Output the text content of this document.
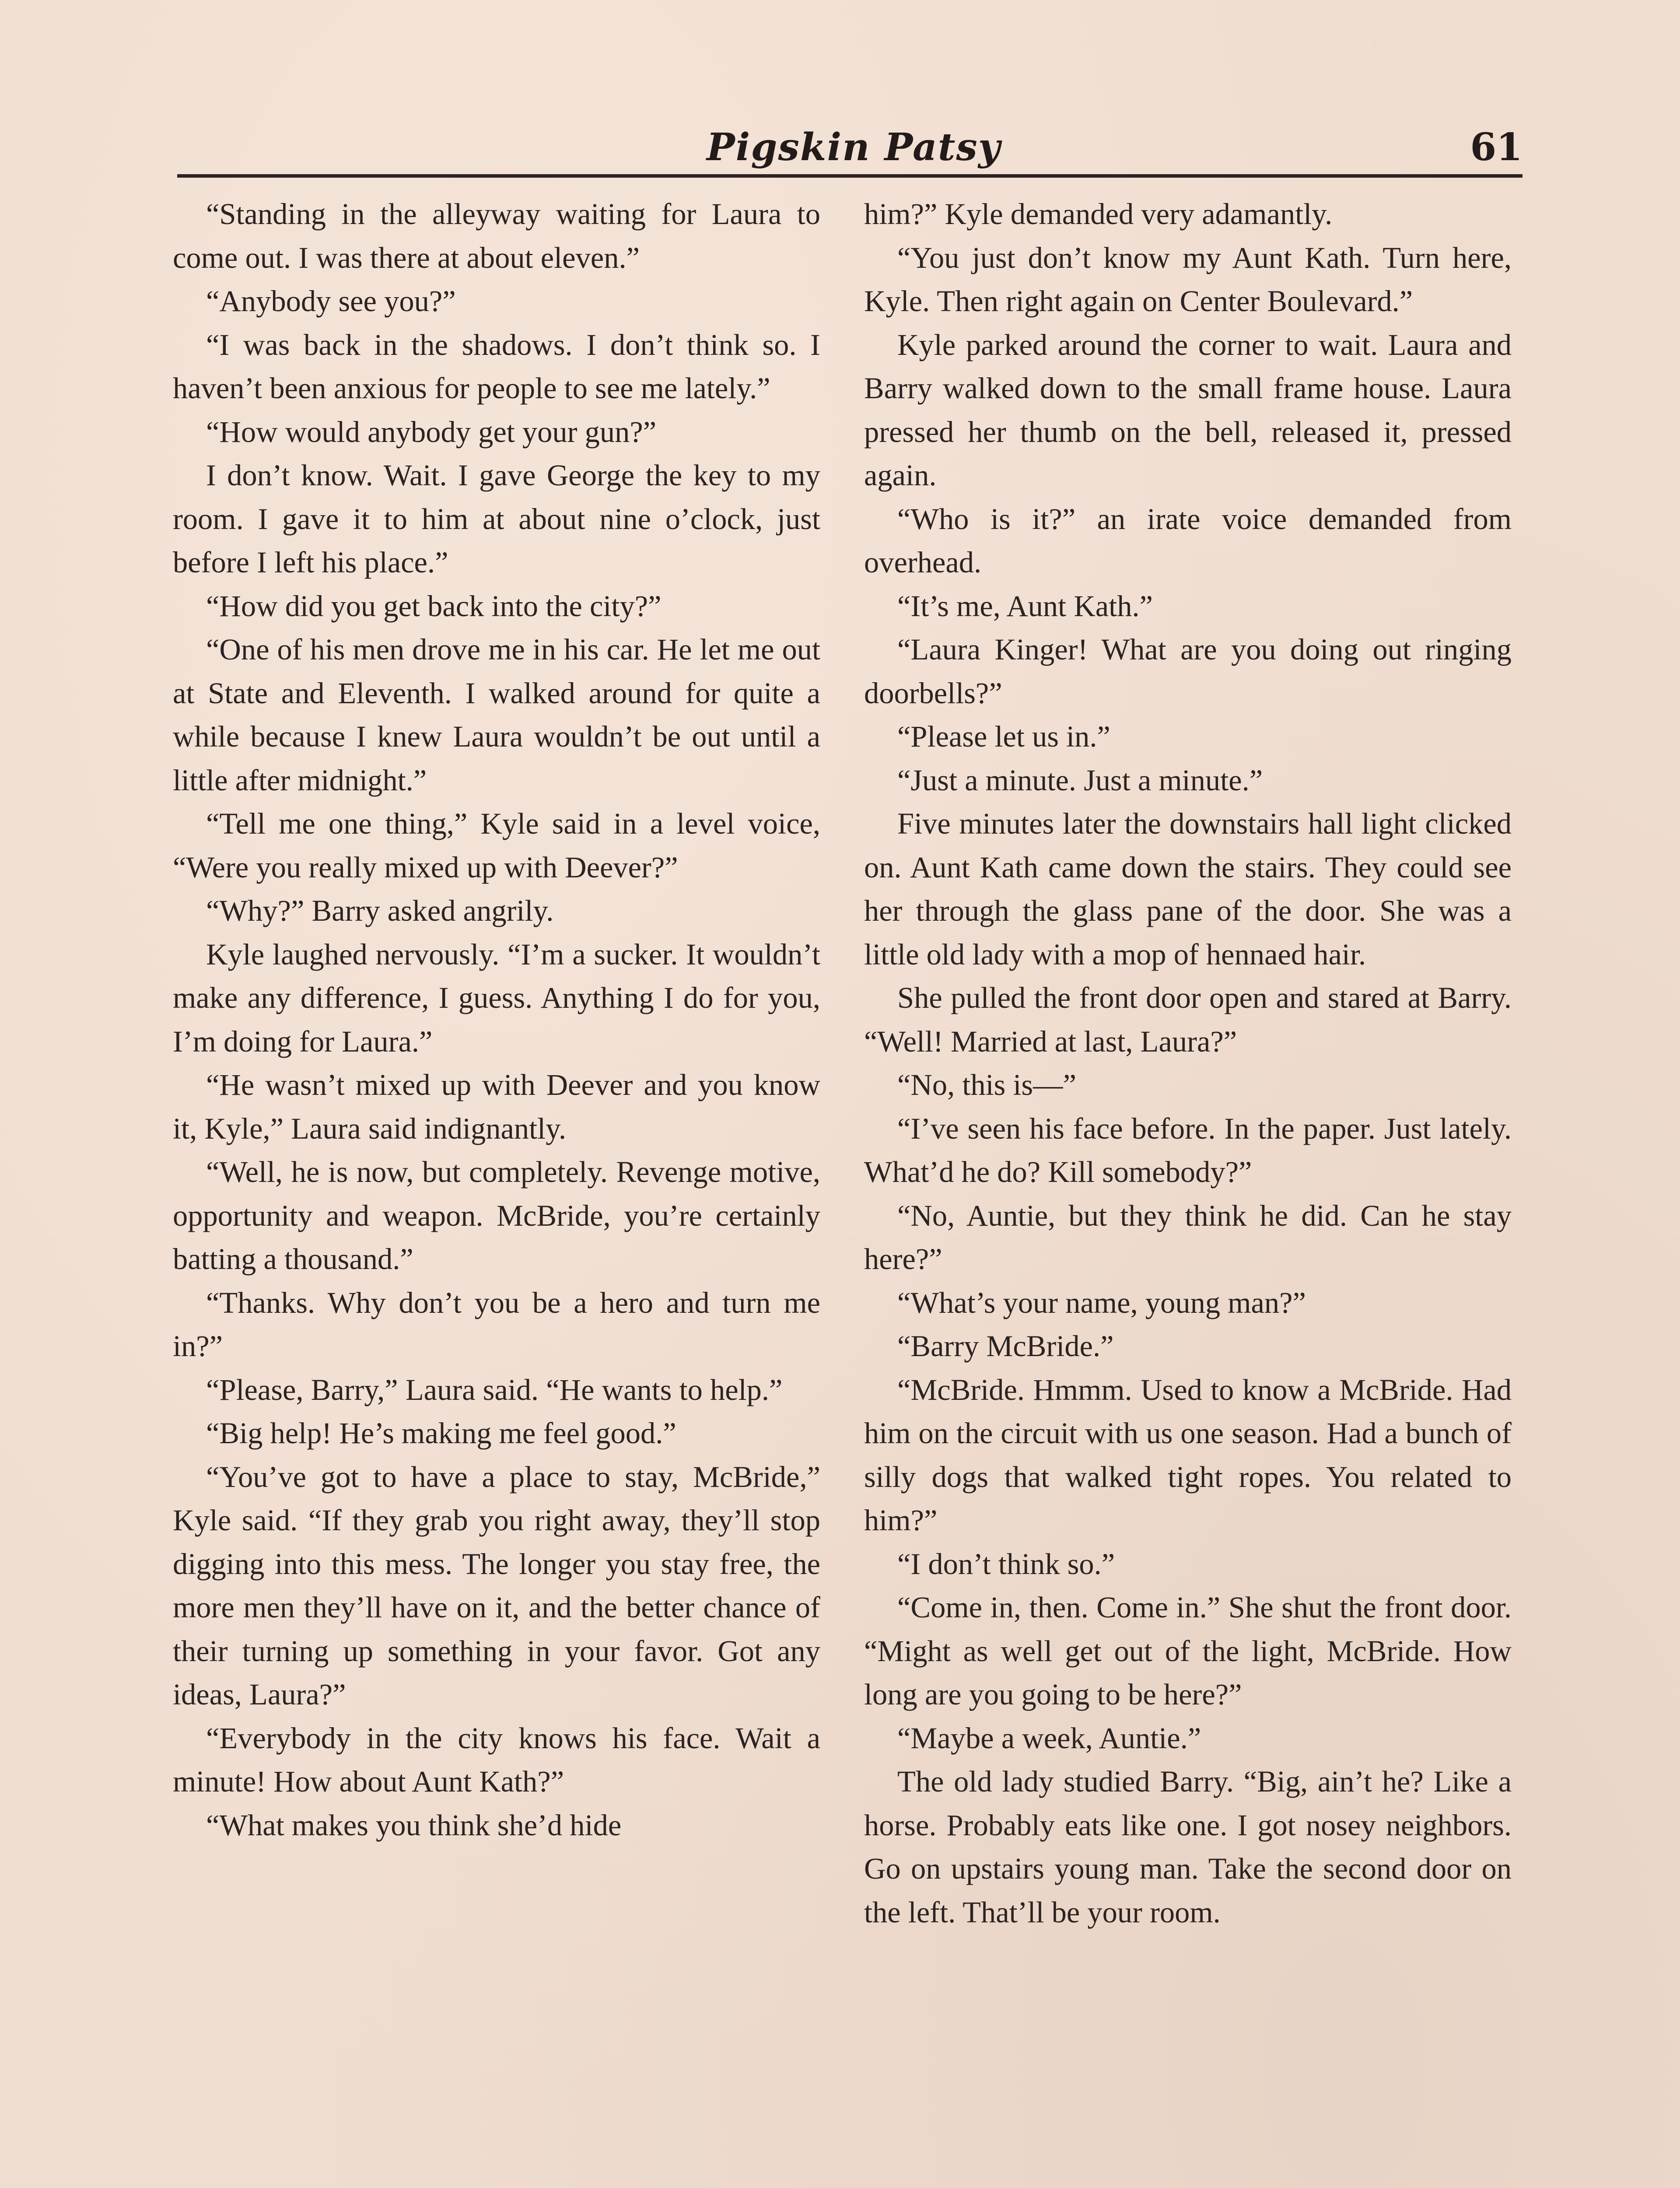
Pigskin Patsy	61

“Standing in the alleyway waiting for Laura to come out. I was there at about eleven.”

“Anybody see you?”

“I was back in the shadows. I don’t think so. I haven’t been anxious for people to see me lately.”

“How would anybody get your gun?”

I don’t know. Wait. I gave George the key to my room. I gave it to him at about nine o’clock, just before I left his place.”

“How did you get back into the city?”

“One of his men drove me in his car. He let me out at State and Eleventh. I walked around for quite a while because I knew Laura wouldn’t be out until a little after midnight.”

“Tell me one thing,” Kyle said in a level voice, “Were you really mixed up with Deever?”

“Why?” Barry asked angrily.

Kyle laughed nervously. “I’m a sucker. It wouldn’t make any difference, I guess. Anything I do for you, I’m doing for Laura.”

“He wasn’t mixed up with Deever and you know it, Kyle,” Laura said indignantly.

“Well, he is now, but completely. Revenge motive, opportunity and weapon. McBride, you’re certainly batting a thousand.”

“Thanks. Why don’t you be a hero and turn me in?”

“Please, Barry,” Laura said. “He wants to help.”

“Big help! He’s making me feel good.”

“You’ve got to have a place to stay, McBride,” Kyle said. “If they grab you right away, they’ll stop digging into this mess. The longer you stay free, the more men they’ll have on it, and the better chance of their turning up something in your favor. Got any ideas, Laura?”

“Everybody in the city knows his face. Wait a minute! How about Aunt Kath?”

“What makes you think she’d hide

him?” Kyle demanded very adamantly.

“You just don’t know my Aunt Kath. Turn here, Kyle. Then right again on Center Boulevard.”

Kyle parked around the corner to wait. Laura and Barry walked down to the small frame house. Laura pressed her thumb on the bell, released it, pressed again.

“Who is it?” an irate voice demanded from overhead.

“It’s me, Aunt Kath.”

“Laura Kinger! What are you doing out ringing doorbells?”

“Please let us in.”

“Just a minute. Just a minute.”

Five minutes later the downstairs hall light clicked on. Aunt Kath came down the stairs. They could see her through the glass pane of the door. She was a little old lady with a mop of hennaed hair.

She pulled the front door open and stared at Barry. “Well! Married at last, Laura?”

“No, this is—”

“I’ve seen his face before. In the paper. Just lately. What’d he do? Kill somebody?”

“No, Auntie, but they think he did. Can he stay here?”

“What’s your name, young man?”

“Barry McBride.”

“McBride. Hmmm. Used to know a McBride. Had him on the circuit with us one season. Had a bunch of silly dogs that walked tight ropes. You related to him?”

“I don’t think so.”

“Come in, then. Come in.” She shut the front door. “Might as well get out of the light, McBride. How long are you going to be here?”

“Maybe a week, Auntie.”

The old lady studied Barry. “Big, ain’t he? Like a horse. Probably eats like one. I got nosey neighbors. Go on upstairs young man. Take the second door on the left. That’ll be your room.
